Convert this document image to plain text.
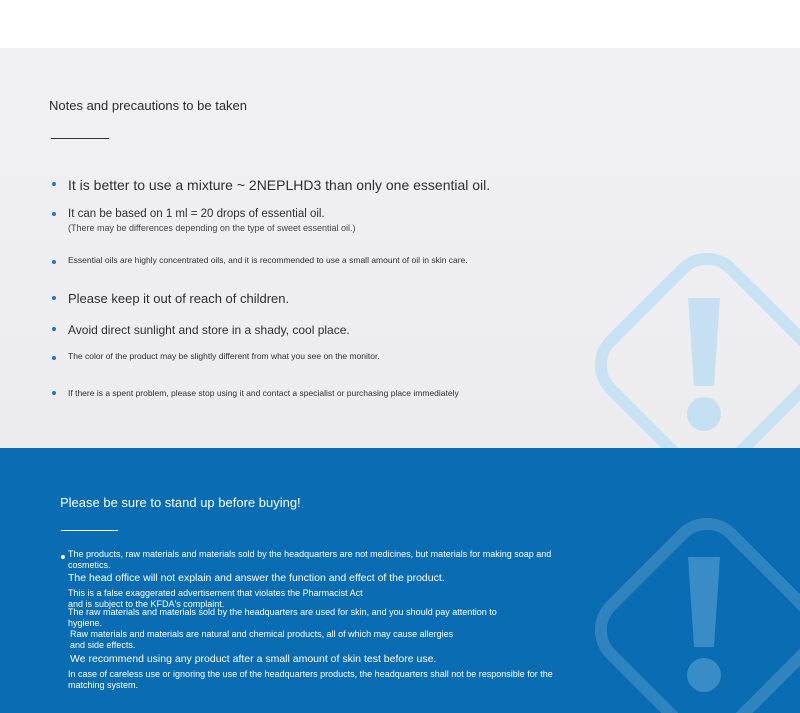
Notes and precautions to be taken
It is better to use a mixture ~ 2NEPLHD3 than only one essential oil.
It can be based on 1 ml = 20 drops of essential oil.
(There may be differences depending on the type of sweet essential oil.)
Essential oils are highly concentrated oils, and it is recommended to use a small amount of oil in skin care.
Please keep it out of reach of children.
Avoid direct sunlight and store in a shady, cool place.
The color of the product may be slightly different from what you see on the monitor.
If there is a spent problem, please stop using it and contact a specialist or purchasing place immediately
Please be sure to stand up before buying!
The products, raw materials and materials sold by the headquarters are not medicines, but materials for making soap and cosmetics.
The head office will not explain and answer the function and effect of the product.
This is a false exaggerated advertisement that violates the Pharmacist Act
and is subject to the KFDA's complaint.
The raw materials and materials sold by the headquarters are used for skin, and you should pay attention to hygiene.
Raw materials and materials are natural and chemical products, all of which may cause allergies
and side effects.
We recommend using any product after a small amount of skin test before use.
In case of careless use or ignoring the use of the headquarters products, the headquarters shall not be responsible for the matching system.
